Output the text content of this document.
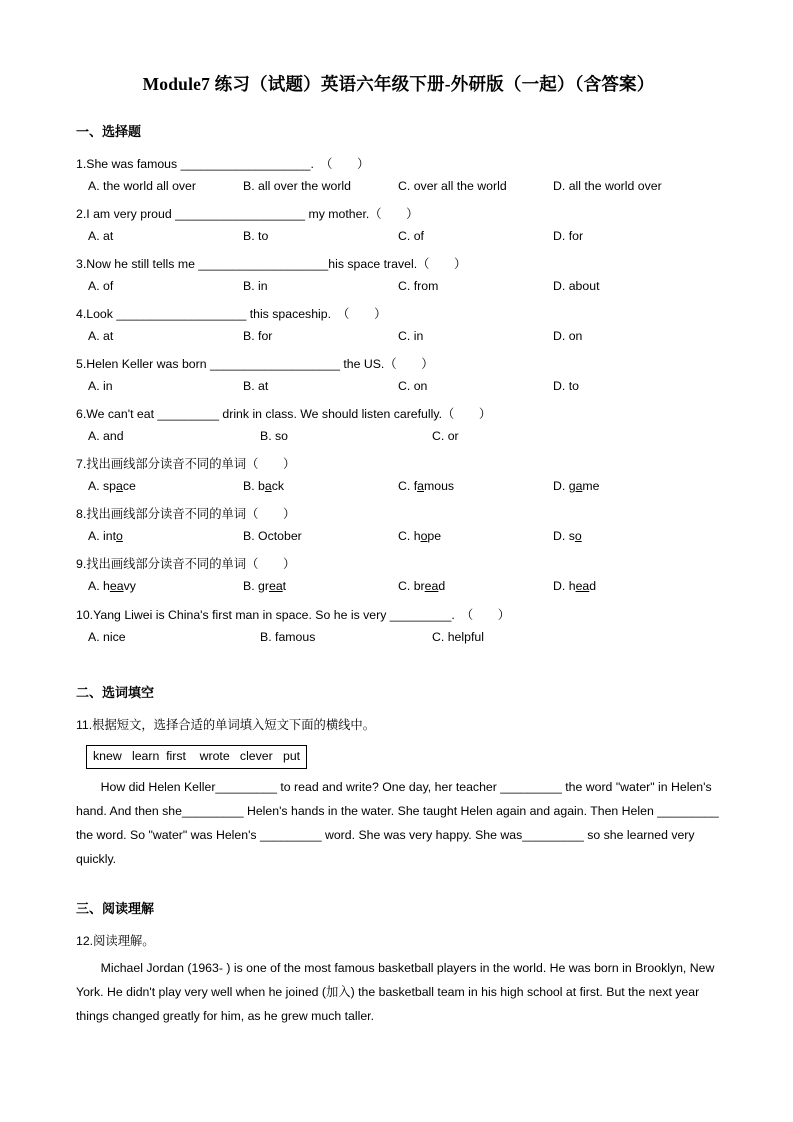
Module7 练习（试题）英语六年级下册-外研版（一起）（含答案）
一、选择题

1.She was famous ___________________.　（　　）

A. the world all over	B. all over the world	C. over all the world	D. all the world over

2.I am very proud ___________________ my mother.（　　）

A. at	B. to	C. of	D. for

3.Now he still tells me ___________________his space travel.（　　）

A. of	B. in	C. from	D. about

4.Look ___________________ this spaceship.　（　　）

A. at	B. for	C. in	D. on

5.Helen Keller was born ___________________ the US.（　　）

A. in	B. at	C. on	D. to

6.We can't eat _________ drink in class. We should listen carefully.（　　）

A. and	B. so	C. or

7.找出画线部分读音不同的单词（　　）

A. space	B. back	C. famous	D. game

8.找出画线部分读音不同的单词（　　）

A. into	B. October	C. hope	D. so

9.找出画线部分读音不同的单词（　　）

A. heavy	B. great	C. bread	D. head

10.Yang Liwei is China's first man in space. So he is very _________.　（　　）

A. nice	B. famous	C. helpful
二、选词填空

11.根据短文，选择合适的单词填入短文下面的横线中。

knew   learn  first    wrote   clever   put

　　How did Helen Keller_________ to read and write? One day, her teacher _________ the word "water" in Helen's hand. And then she_________ Helen's hands in the water. She taught Helen again and again. Then Helen _________ the word. So "water" was Helen's _________ word. She was very happy. She was_________ so she learned very quickly.

三、阅读理解

12.阅读理解。

　　Michael Jordan (1963- ) is one of the most famous basketball players in the world. He was born in Brooklyn, New York. He didn't play very well when he joined (加入) the basketball team in his high school at first. But the next year things changed greatly for him, as he grew much taller.
